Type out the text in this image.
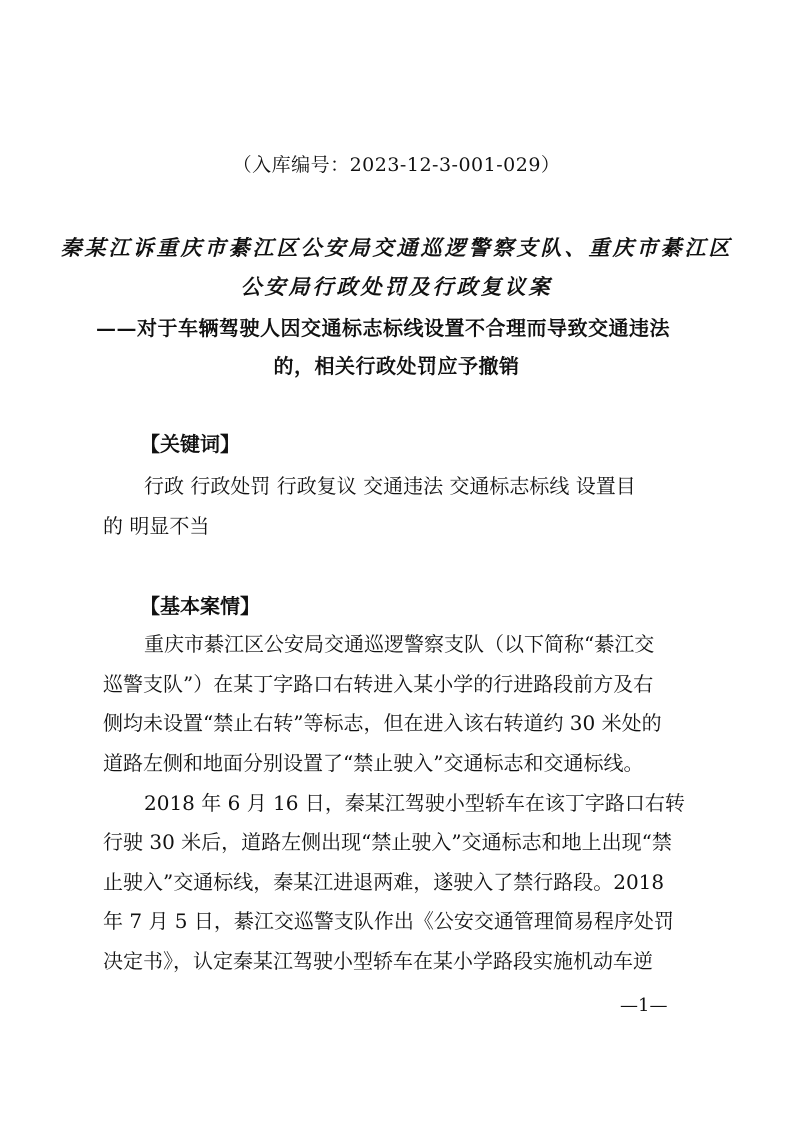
（入库编号：2023-12-3-001-029）
秦某江诉重庆市綦江区公安局交通巡逻警察支队、重庆市綦江区
公安局行政处罚及行政复议案
——对于车辆驾驶人因交通标志标线设置不合理而导致交通违法
的，相关行政处罚应予撤销
【关键词】
行政 行政处罚 行政复议 交通违法 交通标志标线 设置目
的 明显不当
【基本案情】
重庆市綦江区公安局交通巡逻警察支队（以下简称“綦江交
巡警支队”）在某丁字路口右转进入某小学的行进路段前方及右
侧均未设置“禁止右转”等标志，但在进入该右转道约 30 米处的
道路左侧和地面分别设置了“禁止驶入”交通标志和交通标线。
2018 年 6 月 16 日，秦某江驾驶小型轿车在该丁字路口右转
行驶 30 米后，道路左侧出现“禁止驶入”交通标志和地上出现“禁
止驶入”交通标线，秦某江进退两难，遂驶入了禁行路段。2018
年 7 月 5 日，綦江交巡警支队作出《公安交通管理简易程序处罚
决定书》，认定秦某江驾驶小型轿车在某小学路段实施机动车逆
—1—
